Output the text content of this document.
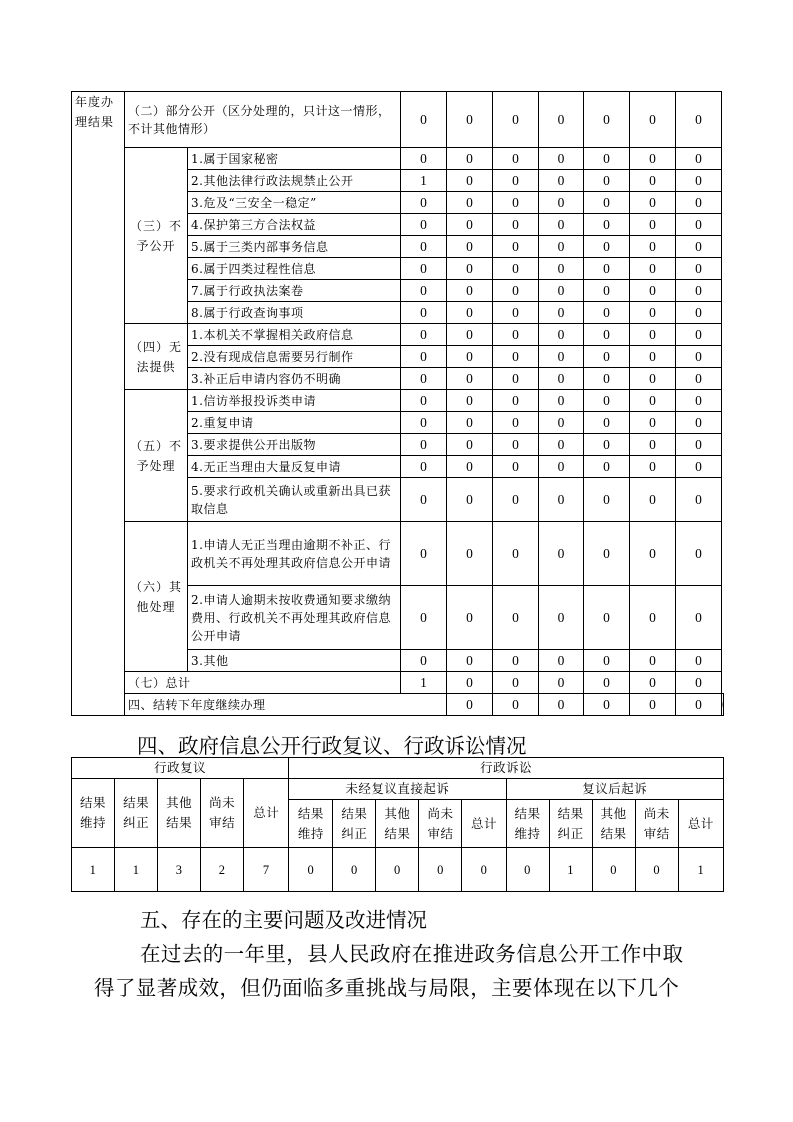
年度办理结果	（二）部分公开（区分处理的，只计这一情形，不计其他情形）		0	0	0	0	0	0	0	
	（三）不予公开	1.属于国家秘密	0	0	0	0	0	0	0	
		2.其他法律行政法规禁止公开	1	0	0	0	0	0	0	
		3.危及“三安全一稳定”	0	0	0	0	0	0	0	
		4.保护第三方合法权益	0	0	0	0	0	0	0	
		5.属于三类内部事务信息	0	0	0	0	0	0	0	
		6.属于四类过程性信息	0	0	0	0	0	0	0	
		7.属于行政执法案卷	0	0	0	0	0	0	0	
		8.属于行政查询事项	0	0	0	0	0	0	0	
	（四）无法提供	1.本机关不掌握相关政府信息	0	0	0	0	0	0	0	
		2.没有现成信息需要另行制作	0	0	0	0	0	0	0	
		3.补正后申请内容仍不明确	0	0	0	0	0	0	0	
	（五）不予处理	1.信访举报投诉类申请	0	0	0	0	0	0	0	
		2.重复申请	0	0	0	0	0	0	0	
		3.要求提供公开出版物	0	0	0	0	0	0	0	
		4.无正当理由大量反复申请	0	0	0	0	0	0	0	
		5.要求行政机关确认或重新出具已获取信息	0	0	0	0	0	0	0	
	（六）其他处理	1.申请人无正当理由逾期不补正、行政机关不再处理其政府信息公开申请	0	0	0	0	0	0	0	
		2.申请人逾期未按收费通知要求缴纳费用、行政机关不再处理其政府信息公开申请	0	0	0	0	0	0	0	
		3.其他	0	0	0	0	0	0	0	
	（七）总计		1	0	0	0	0	0	0	
	四、结转下年度继续办理			0	0	0	0	0	0	
四、政府信息公开行政复议、行政诉讼情况
行政复议					行政诉讼									
结果维持	结果纠正	其他结果	尚未审结	总计	未经复议直接起诉					复议后起诉				
					结果维持	结果纠正	其他结果	尚未审结	总计	结果维持	结果纠正	其他结果	尚未审结	总计
1	1	3	2	7	0	0	0	0	0	0	1	0	0	1
五、存在的主要问题及改进情况
在过去的一年里，县人民政府在推进政务信息公开工作中取
得了显著成效，但仍面临多重挑战与局限，主要体现在以下几个
